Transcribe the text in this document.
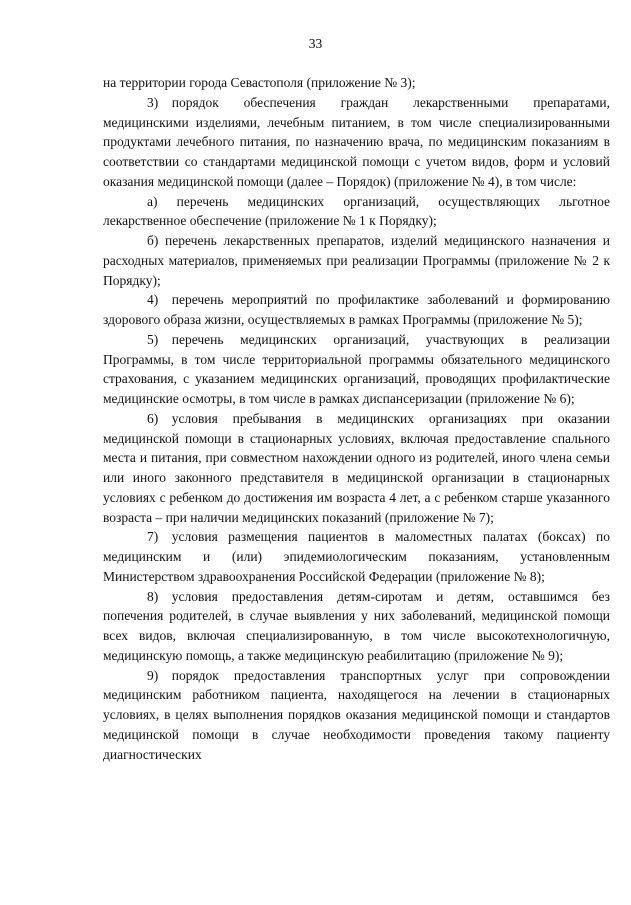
33

на территории города Севастополя (приложение № 3);

3) порядок обеспечения граждан лекарственными препаратами, медицинскими изделиями, лечебным питанием, в том числе специализированными продуктами лечебного питания, по назначению врача, по медицинским показаниям в соответствии со стандартами медицинской помощи с учетом видов, форм и условий оказания медицинской помощи (далее – Порядок) (приложение № 4), в том числе:

а) перечень медицинских организаций, осуществляющих льготное лекарственное обеспечение (приложение № 1 к Порядку);

б) перечень лекарственных препаратов, изделий медицинского назначения и расходных материалов, применяемых при реализации Программы (приложение № 2 к Порядку);

4) перечень мероприятий по профилактике заболеваний и формированию здорового образа жизни, осуществляемых в рамках Программы (приложение № 5);

5) перечень медицинских организаций, участвующих в реализации Программы, в том числе территориальной программы обязательного медицинского страхования, с указанием медицинских организаций, проводящих профилактические медицинские осмотры, в том числе в рамках диспансеризации (приложение № 6);

6) условия пребывания в медицинских организациях при оказании медицинской помощи в стационарных условиях, включая предоставление спального места и питания, при совместном нахождении одного из родителей, иного члена семьи или иного законного представителя в медицинской организации в стационарных условиях с ребенком до достижения им возраста 4 лет, а с ребенком старше указанного возраста – при наличии медицинских показаний (приложение № 7);

7) условия размещения пациентов в маломестных палатах (боксах) по медицинским и (или) эпидемиологическим показаниям, установленным Министерством здравоохранения Российской Федерации (приложение № 8);

8) условия предоставления детям-сиротам и детям, оставшимся без попечения родителей, в случае выявления у них заболеваний, медицинской помощи всех видов, включая специализированную, в том числе высокотехнологичную, медицинскую помощь, а также медицинскую реабилитацию (приложение № 9);

9) порядок предоставления транспортных услуг при сопровождении медицинским работником пациента, находящегося на лечении в стационарных условиях, в целях выполнения порядков оказания медицинской помощи и стандартов медицинской помощи в случае необходимости проведения такому пациенту диагностических
